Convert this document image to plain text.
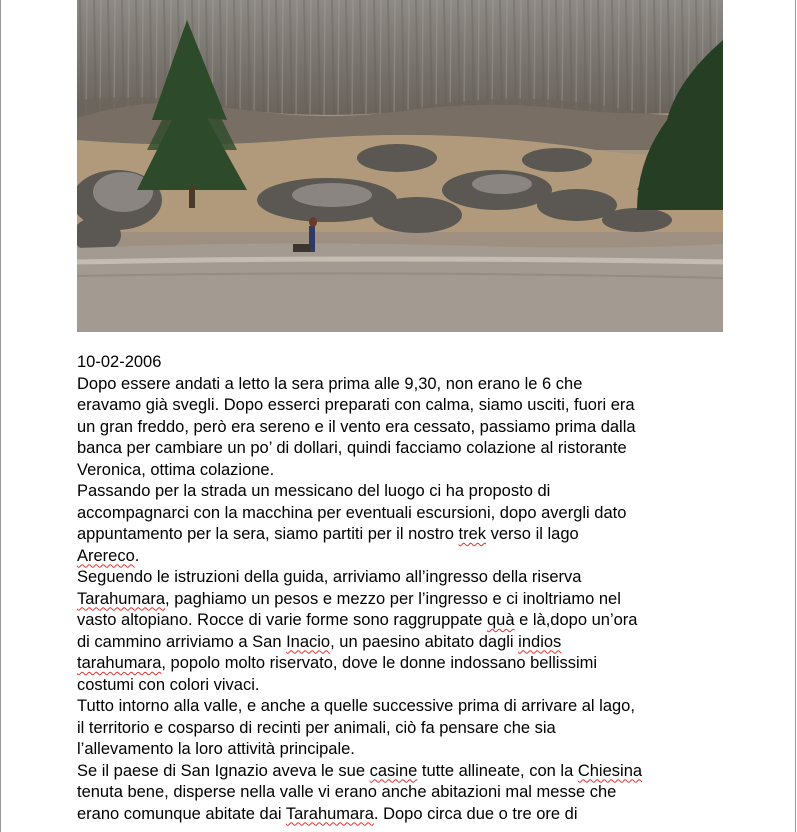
10-02-2006

Dopo essere andati a letto la sera prima alle 9,30, non erano le 6 che
eravamo già svegli. Dopo esserci preparati con calma, siamo usciti, fuori era
un gran freddo, però era sereno e il vento era cessato, passiamo prima dalla
banca per cambiare un po’ di dollari, quindi facciamo colazione al ristorante
Veronica, ottima colazione.

Passando per la strada un messicano del luogo ci ha proposto di
accompagnarci con la macchina per eventuali escursioni, dopo avergli dato
appuntamento per la sera, siamo partiti per il nostro trek verso il lago
Arereco.

Seguendo le istruzioni della guida, arriviamo all’ingresso della riserva
Tarahumara, paghiamo un pesos e mezzo per l’ingresso e ci inoltriamo nel
vasto altopiano. Rocce di varie forme sono raggruppate quà e là,dopo un’ora
di cammino arriviamo a San Inacio, un paesino abitato dagli indios
tarahumara, popolo molto riservato, dove le donne indossano bellissimi
costumi con colori vivaci.

Tutto intorno alla valle, e anche a quelle successive prima di arrivare al lago,
il territorio e cosparso di recinti per animali, ciò fa pensare che sia
l’allevamento la loro attività principale.

Se il paese di San Ignazio aveva le sue casine tutte allineate, con la Chiesina
tenuta bene, disperse nella valle vi erano anche abitazioni mal messe che
erano comunque abitate dai Tarahumara. Dopo circa due o tre ore di
